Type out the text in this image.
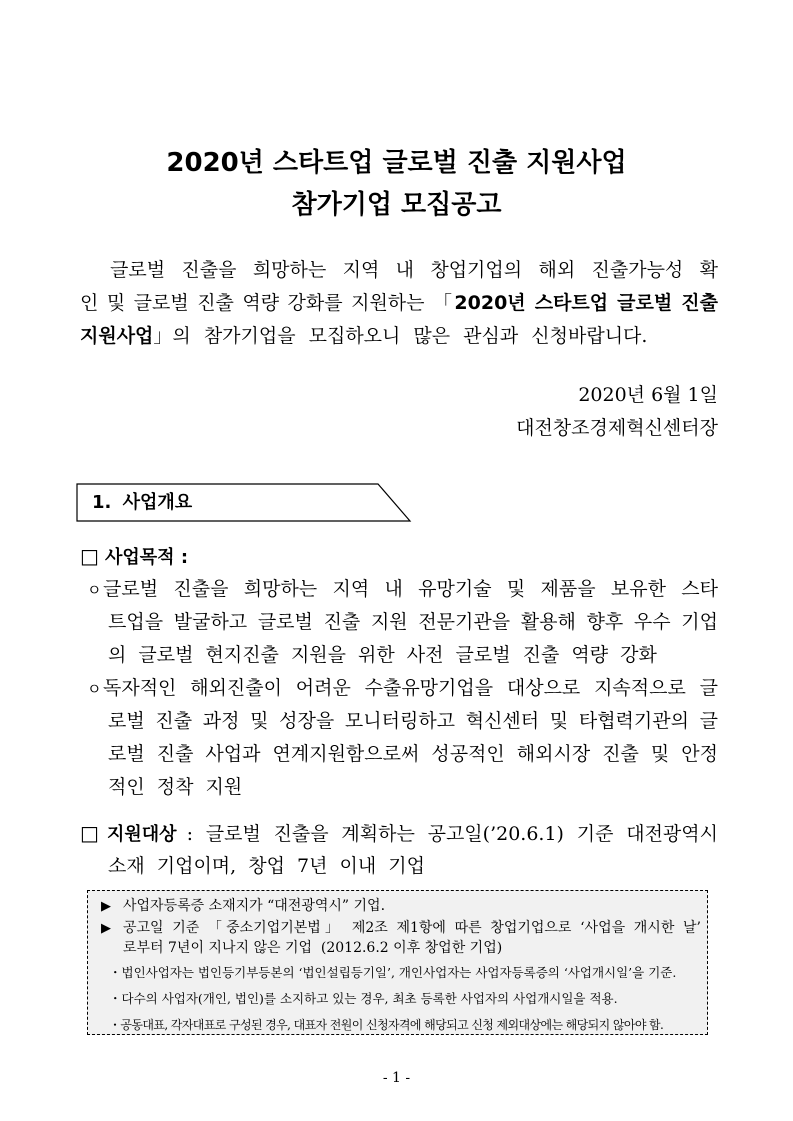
2020년 스타트업 글로벌 진출 지원사업
참가기업 모집공고
글로벌 진출을 희망하는 지역 내 창업기업의 해외 진출가능성 확
인 및 글로벌 진출 역량 강화를 지원하는 「2020년 스타트업 글로벌 진출
지원사업」의 참가기업을 모집하오니 많은 관심과 신청바랍니다.
2020년 6월 1일
대전창조경제혁신센터장
1. 사업개요
□ 사업목적 :
ㅇ글로벌 진출을 희망하는 지역 내 유망기술 및 제품을 보유한 스타
트업을 발굴하고 글로벌 진출 지원 전문기관을 활용해 향후 우수 기업
의 글로벌 현지진출 지원을 위한 사전 글로벌 진출 역량 강화
ㅇ독자적인 해외진출이 어려운 수출유망기업을 대상으로 지속적으로 글
로벌 진출 과정 및 성장을 모니터링하고 혁신센터 및 타협력기관의 글
로벌 진출 사업과 연계지원함으로써 성공적인 해외시장 진출 및 안정
적인 정착 지원
□ 지원대상 : 글로벌 진출을 계획하는 공고일(’20.6.1) 기준 대전광역시
소재 기업이며, 창업 7년 이내 기업
▶ 사업자등록증 소재지가 “대전광역시” 기업.
▶ 공고일 기준 「중소기업기본법」 제2조 제1항에 따른 창업기업으로 ‘사업을 개시한 날’
로부터 7년이 지나지 않은 기업  (2012.6.2 이후 창업한 기업)
・법인사업자는 법인등기부등본의 ‘법인설립등기일’, 개인사업자는 사업자등록증의 ‘사업개시일’을 기준.
・다수의 사업자(개인, 법인)를 소지하고 있는 경우, 최초 등록한 사업자의 사업개시일을 적용.
・공동대표, 각자대표로 구성된 경우, 대표자 전원이 신청자격에 해당되고 신청 제외대상에는 해당되지 않아야 함.
- 1 -
